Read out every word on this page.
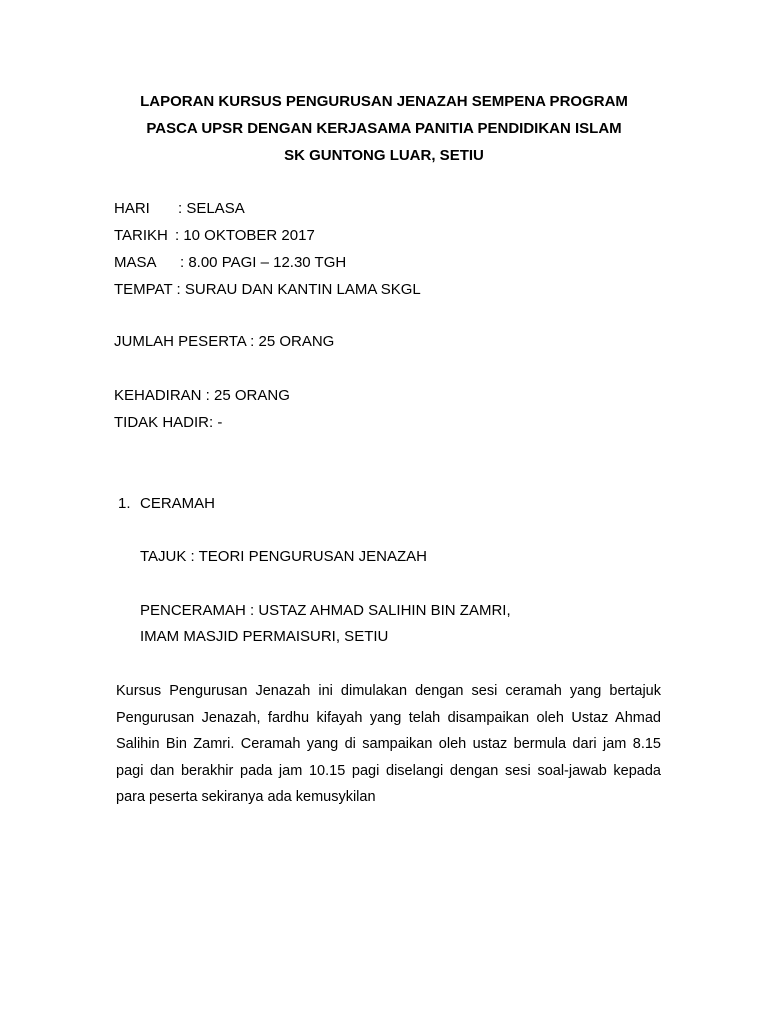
LAPORAN KURSUS PENGURUSAN JENAZAH SEMPENA PROGRAM
PASCA UPSR DENGAN KERJASAMA PANITIA PENDIDIKAN ISLAM
SK GUNTONG LUAR, SETIU
HARI : SELASA
TARIKH : 10 OKTOBER 2017
MASA : 8.00 PAGI – 12.30 TGH
TEMPAT : SURAU DAN KANTIN LAMA SKGL
JUMLAH PESERTA : 25 ORANG
KEHADIRAN : 25 ORANG
TIDAK HADIR: -
1. CERAMAH
TAJUK : TEORI PENGURUSAN JENAZAH
PENCERAMAH : USTAZ AHMAD SALIHIN BIN ZAMRI,
IMAM MASJID PERMAISURI, SETIU
Kursus Pengurusan Jenazah ini dimulakan dengan sesi ceramah yang bertajuk Pengurusan Jenazah, fardhu kifayah yang telah disampaikan oleh Ustaz Ahmad Salihin Bin Zamri. Ceramah yang di sampaikan oleh ustaz bermula dari jam 8.15 pagi dan berakhir pada jam 10.15 pagi diselangi dengan sesi soal-jawab kepada para peserta sekiranya ada kemusykilan
